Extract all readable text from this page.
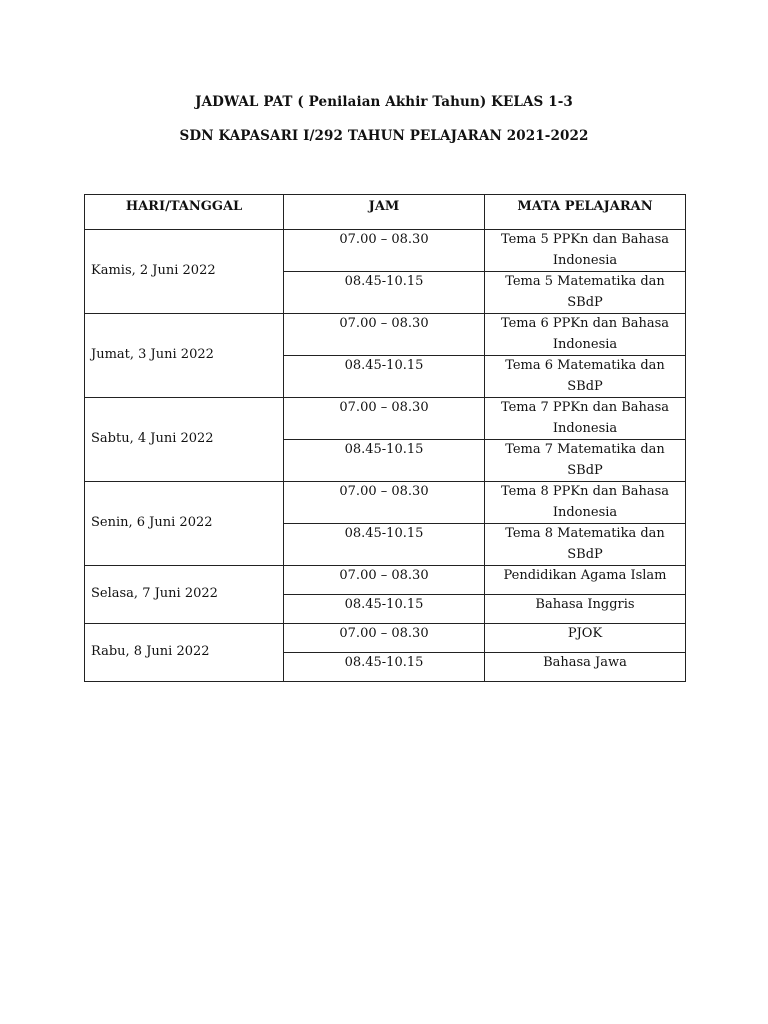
JADWAL PAT ( Penilaian Akhir Tahun) KELAS 1-3
SDN KAPASARI I/292 TAHUN PELAJARAN 2021-2022
HARI/TANGGAL	JAM	MATA PELAJARAN
Kamis, 2 Juni 2022	07.00 – 08.30	Tema 5 PPKn dan Bahasa Indonesia
	08.45-10.15	Tema 5 Matematika dan SBdP
Jumat, 3 Juni 2022	07.00 – 08.30	Tema 6 PPKn dan Bahasa Indonesia
	08.45-10.15	Tema 6 Matematika dan SBdP
Sabtu, 4 Juni 2022	07.00 – 08.30	Tema 7 PPKn dan Bahasa Indonesia
	08.45-10.15	Tema 7 Matematika dan SBdP
Senin, 6 Juni 2022	07.00 – 08.30	Tema 8 PPKn dan Bahasa Indonesia
	08.45-10.15	Tema 8 Matematika dan SBdP
Selasa, 7 Juni 2022	07.00 – 08.30	Pendidikan Agama Islam
	08.45-10.15	Bahasa Inggris
Rabu, 8 Juni 2022	07.00 – 08.30	PJOK
	08.45-10.15	Bahasa Jawa
